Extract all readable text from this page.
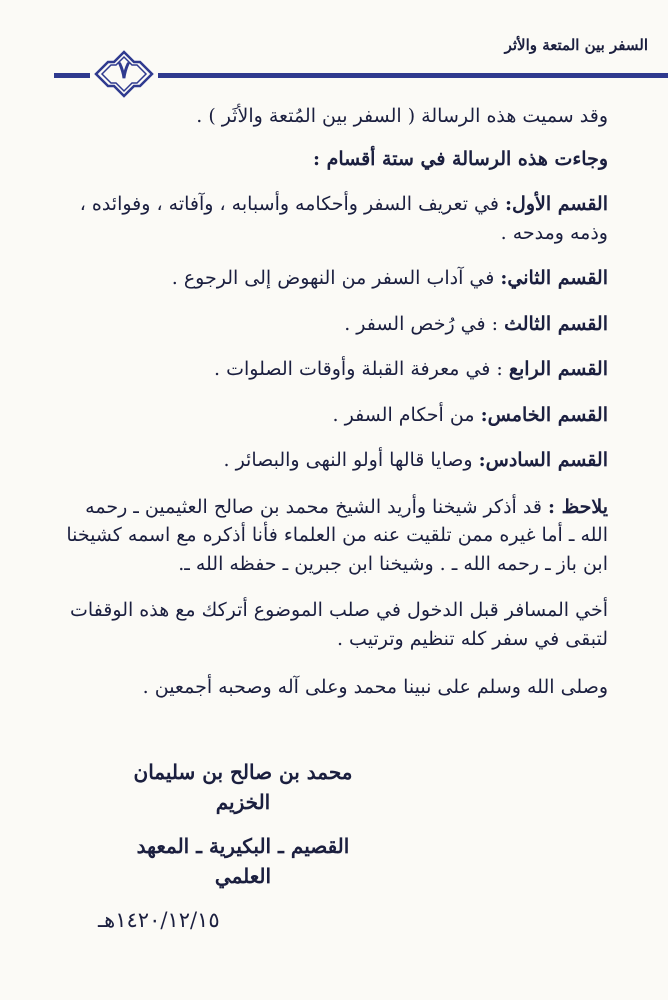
السفر بين المتعة والأثر
٧

وقد سميت هذه الرسالة ( السفر بين المُتعة والأثَر ) .

وجاءت هذه الرسالة في ستة أقسام :

القسم الأول: في تعريف السفر وأحكامه وأسبابه ، وآفاته ، وفوائده ، وذمه ومدحه .

القسم الثاني: في آداب السفر من النهوض إلى الرجوع .

القسم الثالث : في رُخص السفر .

القسم الرابع : في معرفة القبلة وأوقات الصلوات .

القسم الخامس: من أحكام السفر .

القسم السادس: وصايا قالها أولو النهى والبصائر .

يلاحظ : قد أذكر شيخنا وأريد الشيخ محمد بن صالح العثيمين ـ رحمه الله ـ أما غيره ممن تلقيت عنه من العلماء فأنا أذكره مع اسمه كشيخنا ابن باز ـ رحمه الله ـ . وشيخنا ابن جبرين ـ حفظه الله ـ.

أخي المسافر قبل الدخول في صلب الموضوع أتركك مع هذه الوقفات لتبقى في سفر كله تنظيم وترتيب .

وصلى الله وسلم على نبينا محمد وعلى آله وصحبه أجمعين .

محمد بن صالح بن سليمان الخزيم

القصيم ـ البكيرية ـ المعهد العلمي

١٤٢٠/١٢/١٥هـ
